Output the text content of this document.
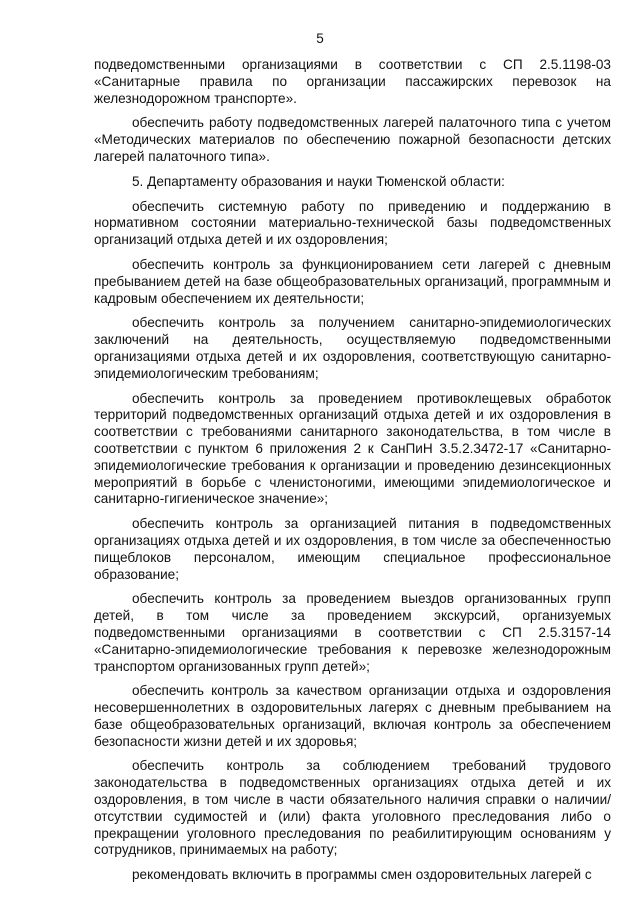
5

подведомственными организациями в соответствии с СП 2.5.1198-03 «Санитарные правила по организации пассажирских перевозок на железнодорожном транспорте».

обеспечить работу подведомственных лагерей палаточного типа с учетом «Методических материалов по обеспечению пожарной безопасности детских лагерей палаточного типа».

5. Департаменту образования и науки Тюменской области:

обеспечить системную работу по приведению и поддержанию в нормативном состоянии материально-технической базы подведомственных организаций отдыха детей и их оздоровления;

обеспечить контроль за функционированием сети лагерей с дневным пребыванием детей на базе общеобразовательных организаций, программным и кадровым обеспечением их деятельности;

обеспечить контроль за получением санитарно-эпидемиологических заключений на деятельность, осуществляемую подведомственными организациями отдыха детей и их оздоровления, соответствующую санитарно-эпидемиологическим требованиям;

обеспечить контроль за проведением противоклещевых обработок территорий подведомственных организаций отдыха детей и их оздоровления в соответствии с требованиями санитарного законодательства, в том числе в соответствии с пунктом 6 приложения 2 к СанПиН 3.5.2.3472-17 «Санитарно-эпидемиологические требования к организации и проведению дезинсекционных мероприятий в борьбе с членистоногими, имеющими эпидемиологическое и санитарно-гигиеническое значение»;

обеспечить контроль за организацией питания в подведомственных организациях отдыха детей и их оздоровления, в том числе за обеспеченностью пищеблоков персоналом, имеющим специальное профессиональное образование;

обеспечить контроль за проведением выездов организованных групп детей, в том числе за проведением экскурсий, организуемых подведомственными организациями в соответствии с СП 2.5.3157-14 «Санитарно-эпидемиологические требования к перевозке железнодорожным транспортом организованных групп детей»;

обеспечить контроль за качеством организации отдыха и оздоровления несовершеннолетних в оздоровительных лагерях с дневным пребыванием на базе общеобразовательных организаций, включая контроль за обеспечением безопасности жизни детей и их здоровья;

обеспечить контроль за соблюдением требований трудового законодательства в подведомственных организациях отдыха детей и их оздоровления, в том числе в части обязательного наличия справки о наличии/отсутствии судимостей и (или) факта уголовного преследования либо о прекращении уголовного преследования по реабилитирующим основаниям у сотрудников, принимаемых на работу;

рекомендовать включить в программы смен оздоровительных лагерей с
